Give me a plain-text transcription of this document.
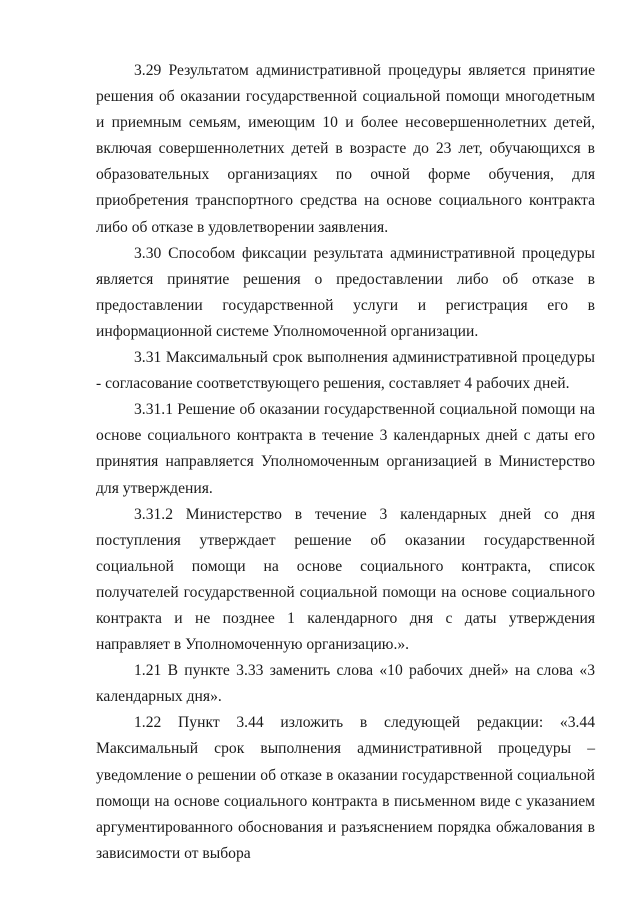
3.29 Результатом административной процедуры является принятие решения об оказании государственной социальной помощи многодетным и приемным семьям, имеющим 10 и более несовершеннолетних детей, включая совершеннолетних детей в возрасте до 23 лет, обучающихся в образовательных организациях по очной форме обучения, для приобретения транспортного средства на основе социального контракта либо об отказе в удовлетворении заявления.

3.30 Способом фиксации результата административной процедуры является принятие решения о предоставлении либо об отказе в предоставлении государственной услуги и регистрация его в информационной системе Уполномоченной организации.

3.31 Максимальный срок выполнения административной процедуры - согласование соответствующего решения, составляет 4 рабочих дней.

3.31.1 Решение об оказании государственной социальной помощи на основе социального контракта в течение 3 календарных дней с даты его принятия направляется Уполномоченным организацией в Министерство для утверждения.

3.31.2 Министерство в течение 3 календарных дней со дня поступления утверждает решение об оказании государственной социальной помощи на основе социального контракта, список получателей государственной социальной помощи на основе социального контракта и не позднее 1 календарного дня с даты утверждения направляет в Уполномоченную организацию.».

1.21 В пункте 3.33 заменить слова «10 рабочих дней» на слова «3 календарных дня».

1.22 Пункт 3.44 изложить в следующей редакции: «3.44 Максимальный срок выполнения административной процедуры – уведомление о решении об отказе в оказании государственной социальной помощи на основе социального контракта в письменном виде с указанием аргументированного обоснования и разъяснением порядка обжалования в зависимости от выбора
